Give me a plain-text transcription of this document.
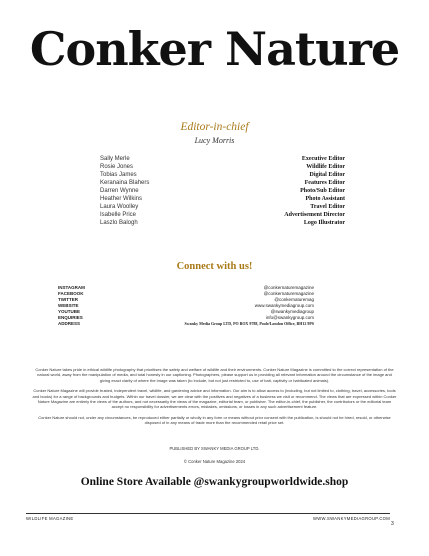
Conker Nature
Editor-in-chief
Lucy Morris
Sally Merle	Executive Editor
Rosie Jones	Wildlife Editor
Tobias James	Digital Editor
Keranaina Blahers	Features Editor
Darren Wynne	Photo/Sub Editor
Heather Wilkins	Photo Assistant
Laura Woolley	Travel Editor
Isabelle Price	Advertisement Director
Laszlo Balogh	Logo Illustrator
Connect with us!
INSTAGRAM	@conkernaturemagazine
FACEBOOK	@conkernaturemagazine
TWITTER	@conkernaturemag
WEBSITE	www.swankymediagroup.com
YOUTUBE	@swankymediagroup
ENQUIRIES	info@swankygroup.com
ADDRESS	Swanky Media Group LTD, PO BOX 9788, Poole/London Office, BH12 9PS

Conker Nature takes pride in ethical wildlife photography that prioritises the safety and welfare of wildlife and their environments. Conker Nature Magazine is committed to the correct representation of the natural world, away from the manipulation of media, and total honesty in our captioning. Photographers, please support us in providing all relevant information around the circumstance of the image and giving exact clarity of where the image was taken (to include, but not just restricted to, use of bait, captivity or habituated animals).

Conker Nature Magazine will provide trusted, independent travel, wildlife, and gardening advice and information. Our aim is to allow access to (including, but not limited to, clothing, travel, accessories, tools and books) for a range of backgrounds and budgets. Within our travel dossier, we are clear with the positives and negatives of a business we visit or recommend. The views that are expressed within Conker Nature Magazine are entirely the views of the authors, and not necessarily the views of the magazine, editorial team, or publisher. The editor-in-chief, the publisher, the contributors or the editorial team accept no responsibility for advertisements errors, mistakes, omissions, or losses in any such advertisement feature.

Conker Nature should not, under any circumstances, be reproduced either partially or wholly in any form or means without prior consent with the publication, is should not be hired, resold, or otherwise disposed of in any means of trade more than the recommended retail price set.

PUBLISHED BY SWANKY MEDIA GROUP LTD.
© Conker Nature Magazine 2024
Online Store Available @swankygroupworldwide.shop
WILDLIFE MAGAZINE	WWW.SWANKYMEDIAGROUP.COM
3
